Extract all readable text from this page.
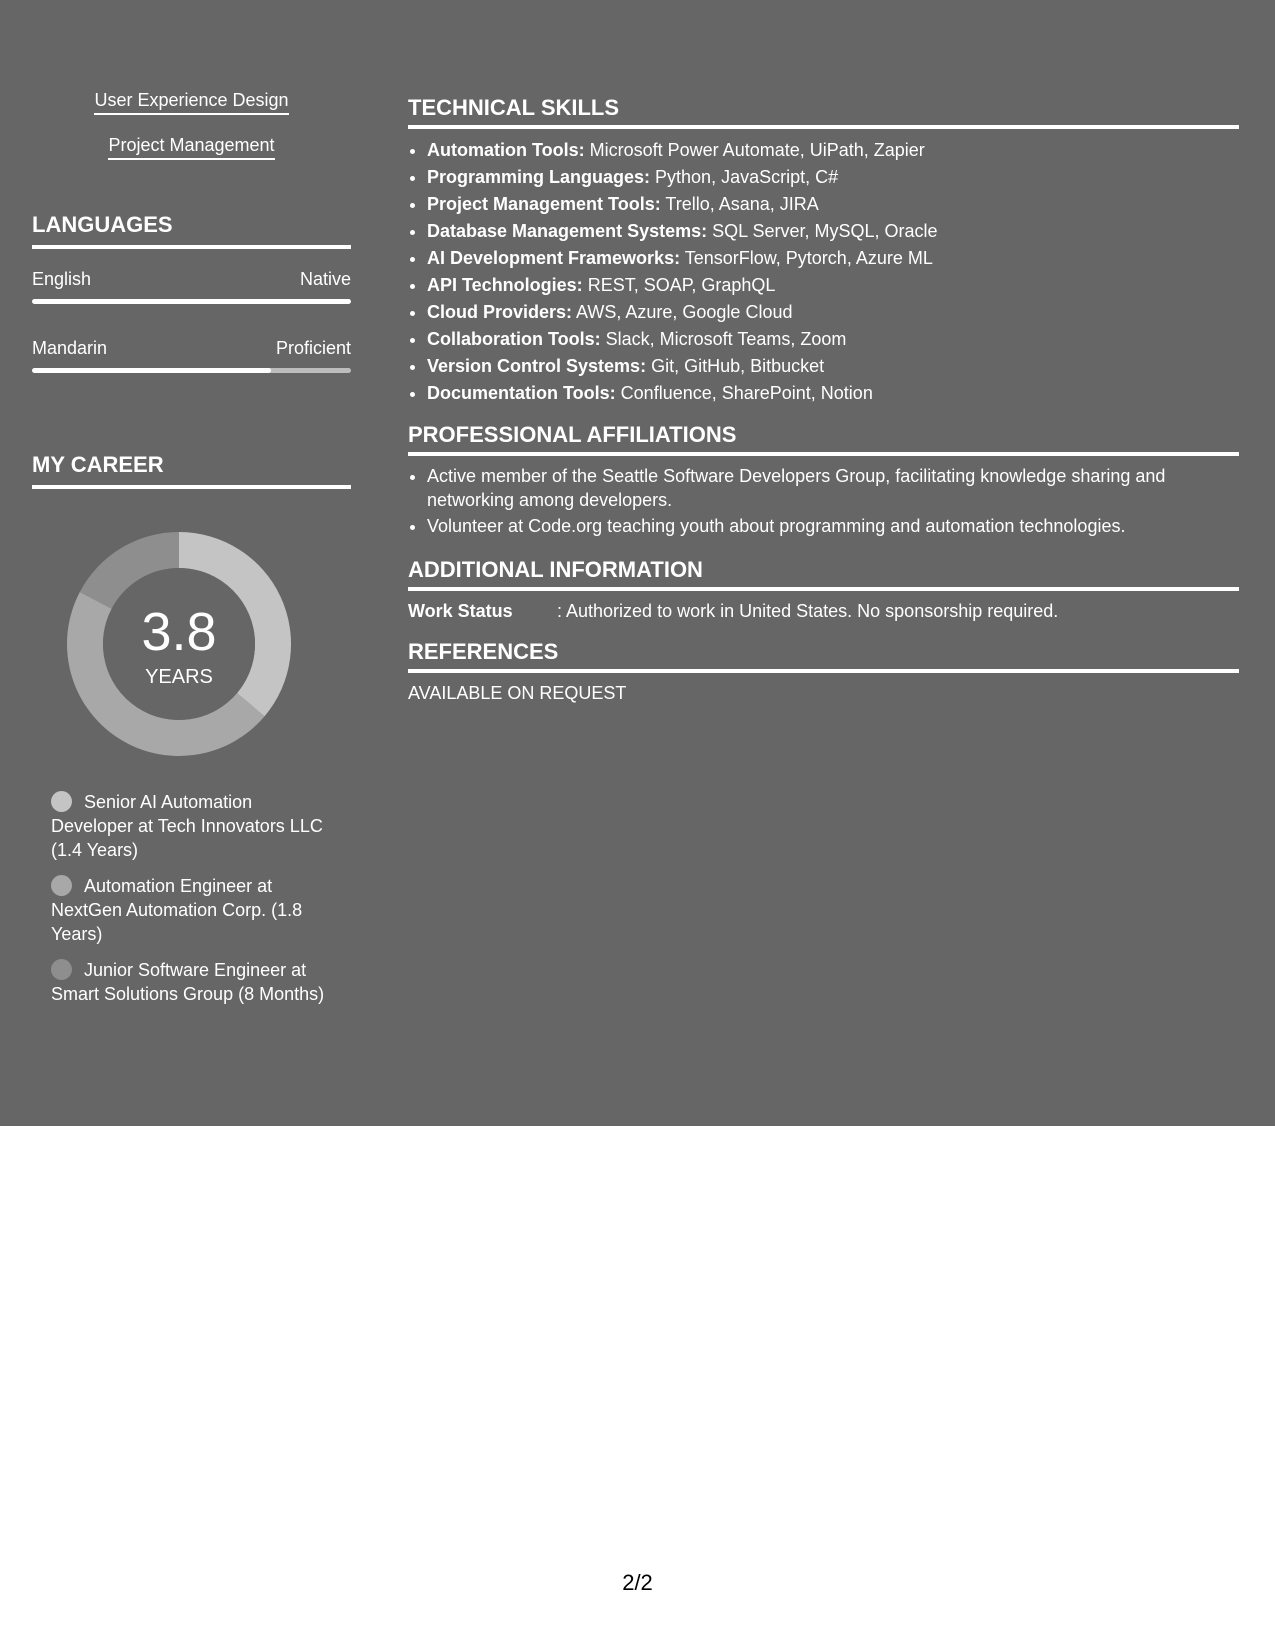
User Experience Design
Project Management
LANGUAGES
English	Native
Mandarin	Proficient
MY CAREER
3.8
YEARS
Senior AI Automation Developer at Tech Innovators LLC (1.4 Years)
Automation Engineer at NextGen Automation Corp. (1.8 Years)
Junior Software Engineer at Smart Solutions Group (8 Months)
TECHNICAL SKILLS
• Automation Tools: Microsoft Power Automate, UiPath, Zapier
• Programming Languages: Python, JavaScript, C#
• Project Management Tools: Trello, Asana, JIRA
• Database Management Systems: SQL Server, MySQL, Oracle
• AI Development Frameworks: TensorFlow, Pytorch, Azure ML
• API Technologies: REST, SOAP, GraphQL
• Cloud Providers: AWS, Azure, Google Cloud
• Collaboration Tools: Slack, Microsoft Teams, Zoom
• Version Control Systems: Git, GitHub, Bitbucket
• Documentation Tools: Confluence, SharePoint, Notion
PROFESSIONAL AFFILIATIONS
• Active member of the Seattle Software Developers Group, facilitating knowledge sharing and networking among developers.
• Volunteer at Code.org teaching youth about programming and automation technologies.
ADDITIONAL INFORMATION
Work Status : Authorized to work in United States. No sponsorship required.
REFERENCES
AVAILABLE ON REQUEST
2/2
